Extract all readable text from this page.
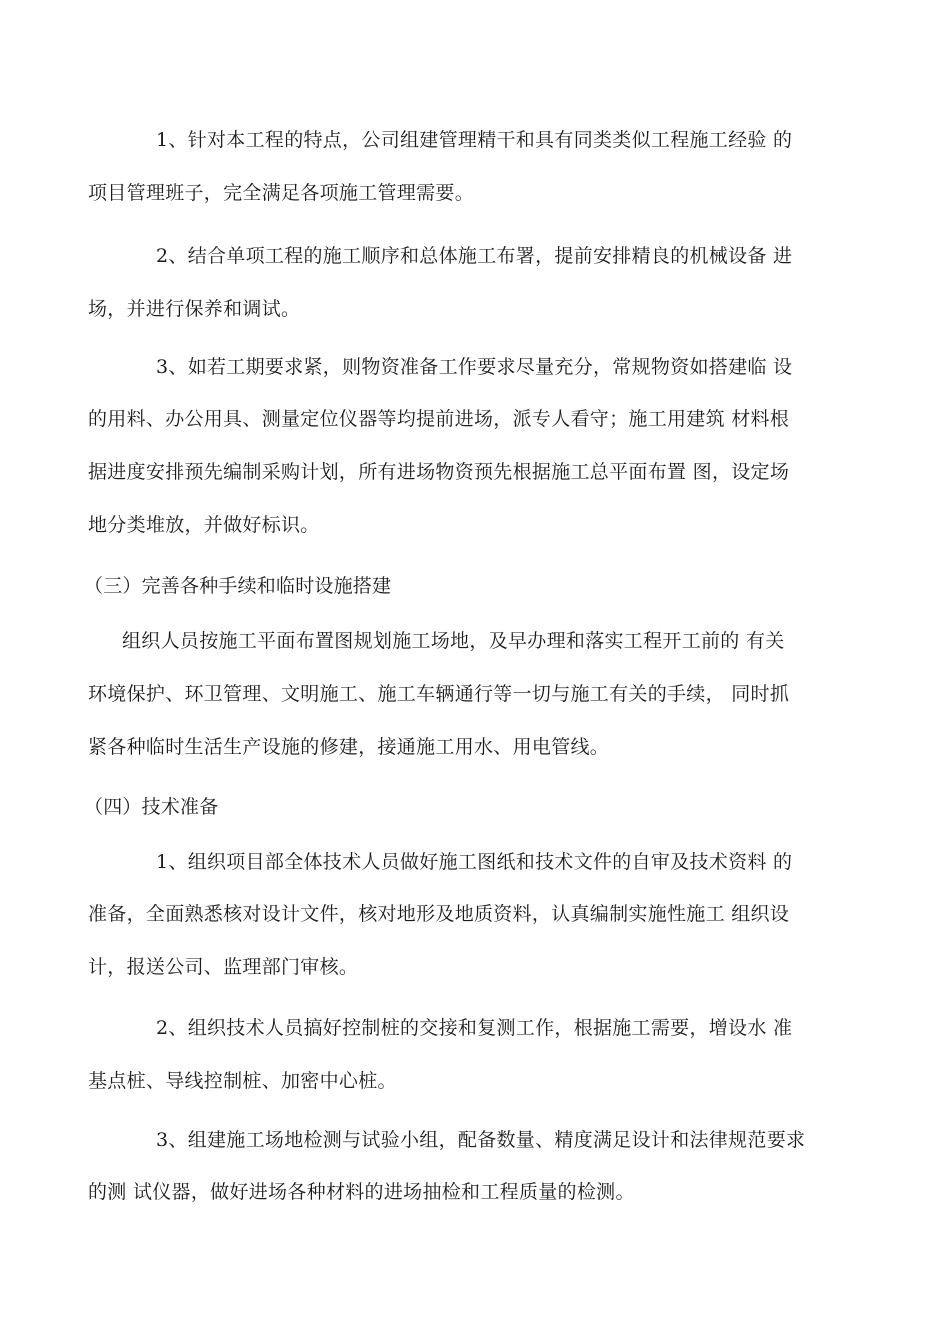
1、针对本工程的特点，公司组建管理精干和具有同类类似工程施工经验 的
项目管理班子，完全满足各项施工管理需要。
2、结合单项工程的施工顺序和总体施工布署，提前安排精良的机械设备 进
场，并进行保养和调试。
3、如若工期要求紧，则物资准备工作要求尽量充分，常规物资如搭建临 设
的用料、办公用具、测量定位仪器等均提前进场，派专人看守；施工用建筑 材料根
据进度安排预先编制采购计划，所有进场物资预先根据施工总平面布置 图，设定场
地分类堆放，并做好标识。
（三）完善各种手续和临时设施搭建
组织人员按施工平面布置图规划施工场地，及早办理和落实工程开工前的 有关
环境保护、环卫管理、文明施工、施工车辆通行等一切与施工有关的手续， 同时抓
紧各种临时生活生产设施的修建，接通施工用水、用电管线。
（四）技术准备
1、组织项目部全体技术人员做好施工图纸和技术文件的自审及技术资料 的
准备，全面熟悉核对设计文件，核对地形及地质资料，认真编制实施性施工 组织设
计，报送公司、监理部门审核。
2、组织技术人员搞好控制桩的交接和复测工作，根据施工需要，增设水 准
基点桩、导线控制桩、加密中心桩。
3、组建施工场地检测与试验小组，配备数量、精度满足设计和法律规范要求
的测 试仪器，做好进场各种材料的进场抽检和工程质量的检测。
